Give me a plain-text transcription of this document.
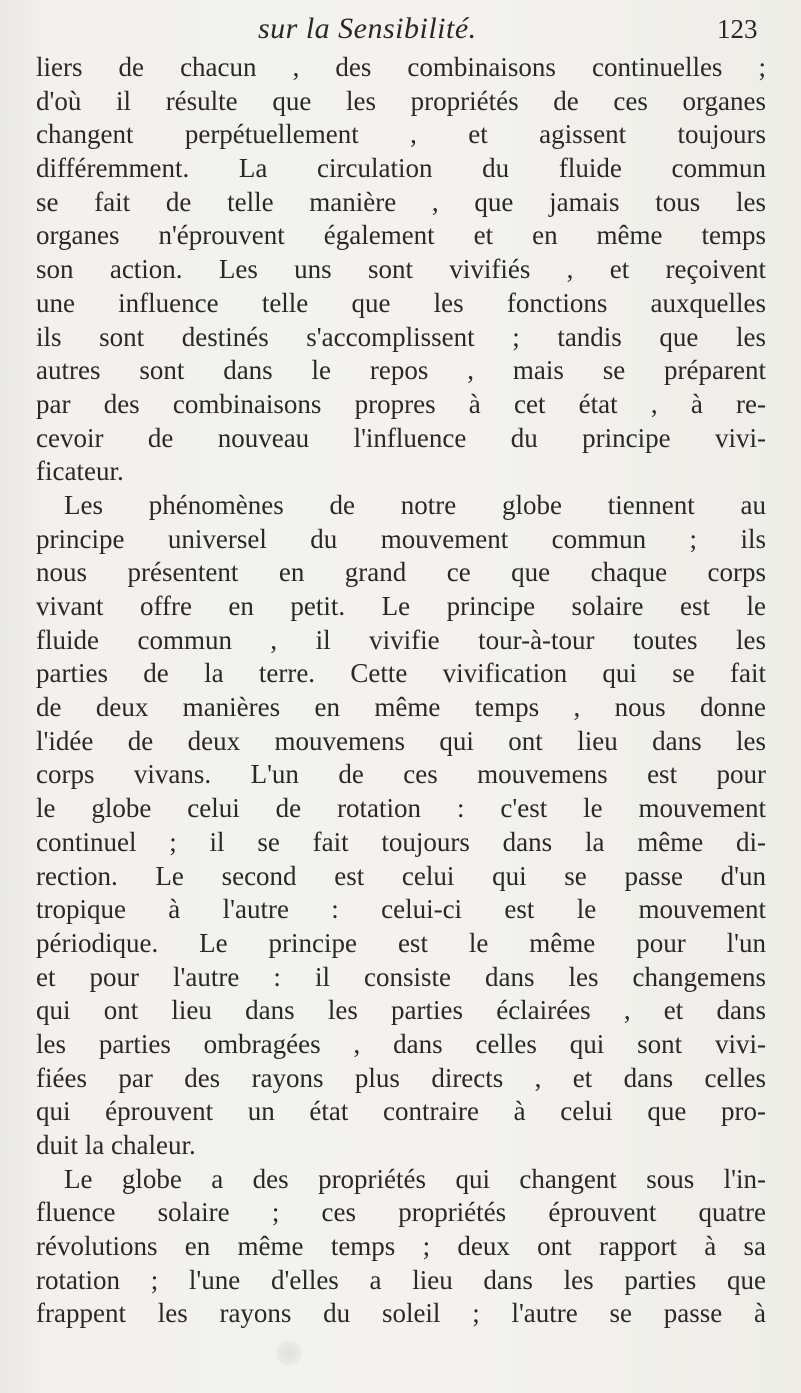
sur la Sensibilité.	123
liers de chacun , des combinaisons continuelles ;
d'où il résulte que les propriétés de ces organes
changent perpétuellement , et agissent toujours
différemment. La circulation du fluide commun
se fait de telle manière , que jamais tous les
organes n'éprouvent également et en même temps
son action. Les uns sont vivifiés , et reçoivent
une influence telle que les fonctions auxquelles
ils sont destinés s'accomplissent ; tandis que les
autres sont dans le repos , mais se préparent
par des combinaisons propres à cet état , à re-
cevoir de nouveau l'influence du principe vivi-
ficateur.
Les phénomènes de notre globe tiennent au
principe universel du mouvement commun ; ils
nous présentent en grand ce que chaque corps
vivant offre en petit. Le principe solaire est le
fluide commun , il vivifie tour-à-tour toutes les
parties de la terre. Cette vivification qui se fait
de deux manières en même temps , nous donne
l'idée de deux mouvemens qui ont lieu dans les
corps vivans. L'un de ces mouvemens est pour
le globe celui de rotation : c'est le mouvement
continuel ; il se fait toujours dans la même di-
rection. Le second est celui qui se passe d'un
tropique à l'autre : celui-ci est le mouvement
périodique. Le principe est le même pour l'un
et pour l'autre : il consiste dans les changemens
qui ont lieu dans les parties éclairées , et dans
les parties ombragées , dans celles qui sont vivi-
fiées par des rayons plus directs , et dans celles
qui éprouvent un état contraire à celui que pro-
duit la chaleur.
Le globe a des propriétés qui changent sous l'in-
fluence solaire ; ces propriétés éprouvent quatre
révolutions en même temps ; deux ont rapport à sa
rotation ; l'une d'elles a lieu dans les parties que
frappent les rayons du soleil ; l'autre se passe à
